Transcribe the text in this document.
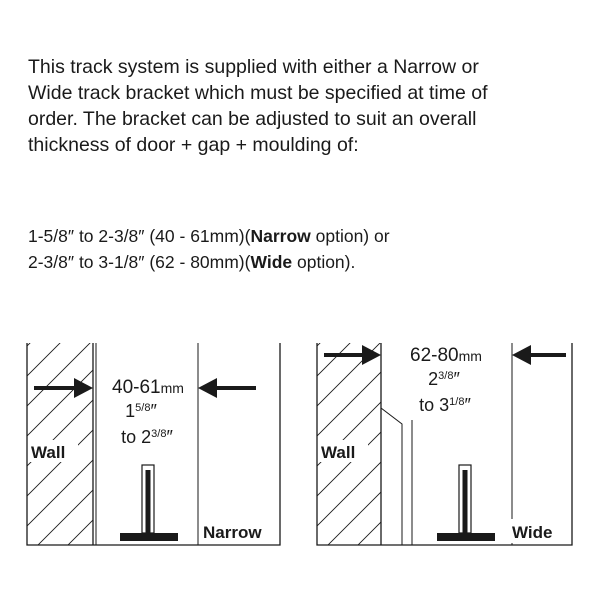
This track system is supplied with either a Narrow or
Wide track bracket which must be specified at time of
order. The bracket can be adjusted to suit an overall
thickness of door + gap + moulding of:
1-5/8″ to 2-3/8″ (40 - 61mm)(Narrow option) or
2-3/8″ to 3-1/8″ (62 - 80mm)(Wide option).
40-61mm
$1^{5/8}''$
to $2^{3/8}''$
Wall
Narrow
62-80mm
$2^{3/8}''$
to $3^{1/8}''$
Wall
Wide
